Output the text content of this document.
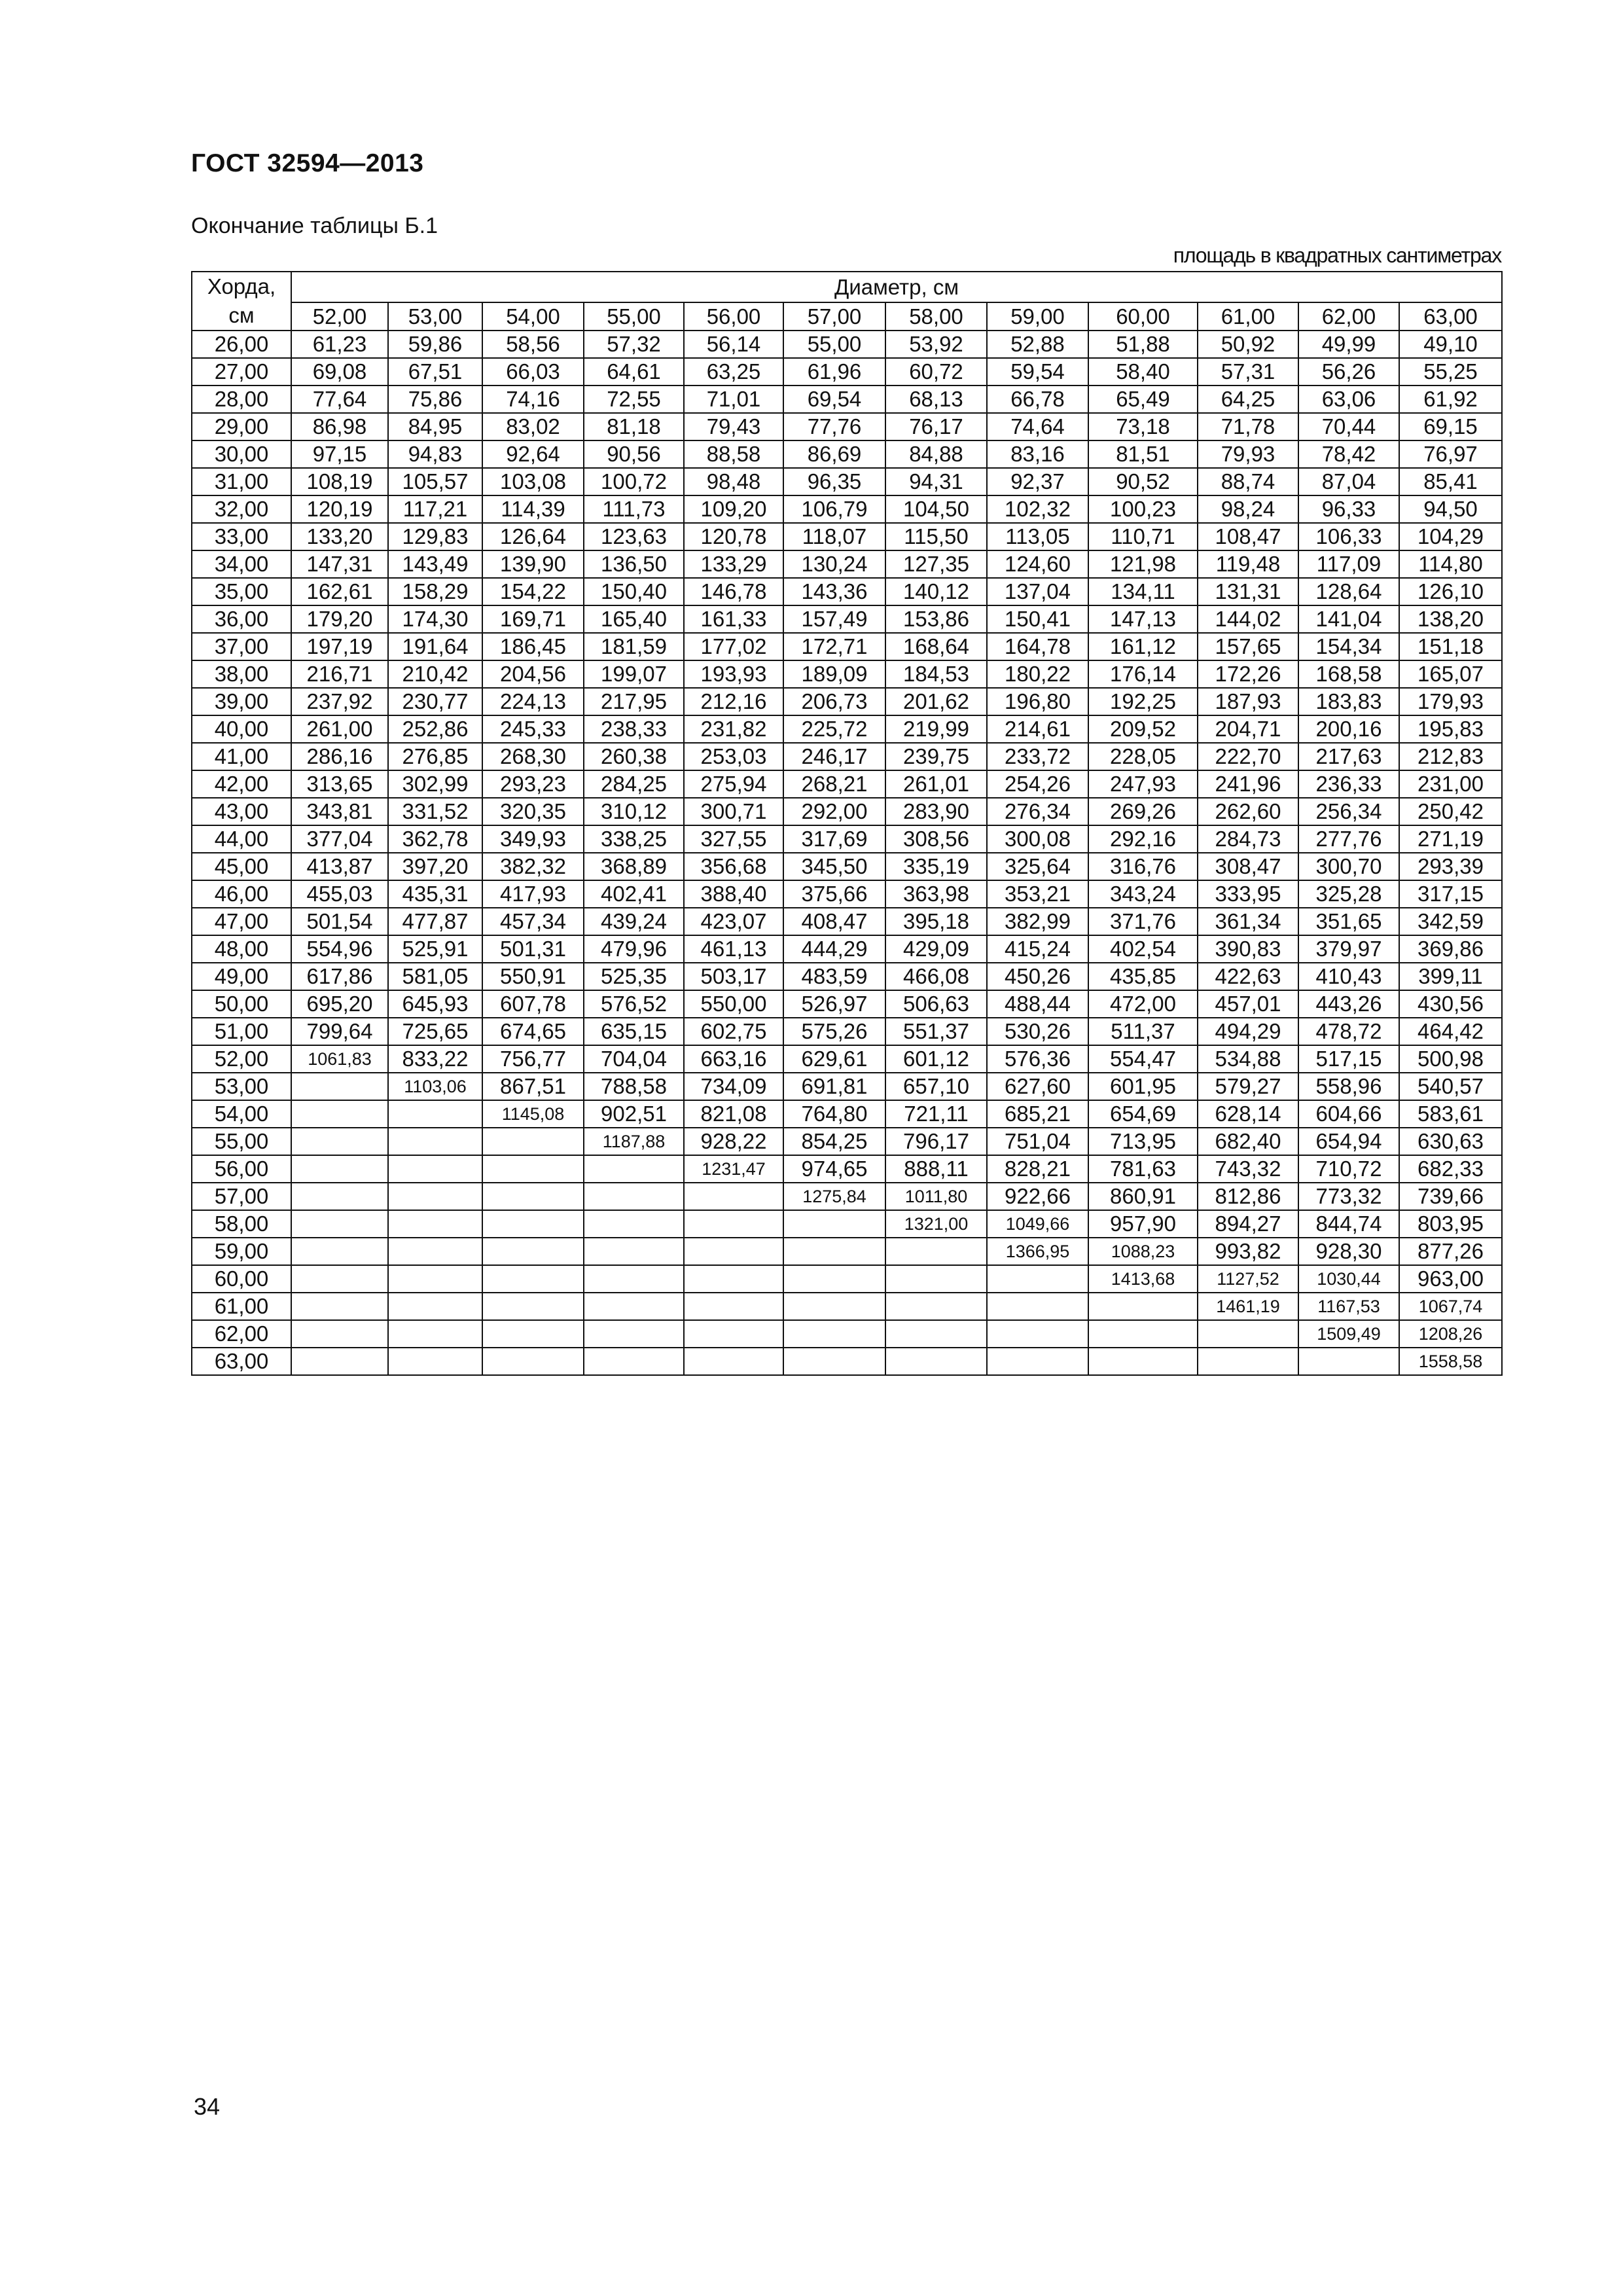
ГОСТ 32594—2013
Окончание таблицы Б.1
площадь в квадратных сантиметрах
Хорда,
см	Диаметр, см											
	52,00	53,00	54,00	55,00	56,00	57,00	58,00	59,00	60,00	61,00	62,00	63,00
26,00	61,23	59,86	58,56	57,32	56,14	55,00	53,92	52,88	51,88	50,92	49,99	49,10
27,00	69,08	67,51	66,03	64,61	63,25	61,96	60,72	59,54	58,40	57,31	56,26	55,25
28,00	77,64	75,86	74,16	72,55	71,01	69,54	68,13	66,78	65,49	64,25	63,06	61,92
29,00	86,98	84,95	83,02	81,18	79,43	77,76	76,17	74,64	73,18	71,78	70,44	69,15
30,00	97,15	94,83	92,64	90,56	88,58	86,69	84,88	83,16	81,51	79,93	78,42	76,97
31,00	108,19	105,57	103,08	100,72	98,48	96,35	94,31	92,37	90,52	88,74	87,04	85,41
32,00	120,19	117,21	114,39	111,73	109,20	106,79	104,50	102,32	100,23	98,24	96,33	94,50
33,00	133,20	129,83	126,64	123,63	120,78	118,07	115,50	113,05	110,71	108,47	106,33	104,29
34,00	147,31	143,49	139,90	136,50	133,29	130,24	127,35	124,60	121,98	119,48	117,09	114,80
35,00	162,61	158,29	154,22	150,40	146,78	143,36	140,12	137,04	134,11	131,31	128,64	126,10
36,00	179,20	174,30	169,71	165,40	161,33	157,49	153,86	150,41	147,13	144,02	141,04	138,20
37,00	197,19	191,64	186,45	181,59	177,02	172,71	168,64	164,78	161,12	157,65	154,34	151,18
38,00	216,71	210,42	204,56	199,07	193,93	189,09	184,53	180,22	176,14	172,26	168,58	165,07
39,00	237,92	230,77	224,13	217,95	212,16	206,73	201,62	196,80	192,25	187,93	183,83	179,93
40,00	261,00	252,86	245,33	238,33	231,82	225,72	219,99	214,61	209,52	204,71	200,16	195,83
41,00	286,16	276,85	268,30	260,38	253,03	246,17	239,75	233,72	228,05	222,70	217,63	212,83
42,00	313,65	302,99	293,23	284,25	275,94	268,21	261,01	254,26	247,93	241,96	236,33	231,00
43,00	343,81	331,52	320,35	310,12	300,71	292,00	283,90	276,34	269,26	262,60	256,34	250,42
44,00	377,04	362,78	349,93	338,25	327,55	317,69	308,56	300,08	292,16	284,73	277,76	271,19
45,00	413,87	397,20	382,32	368,89	356,68	345,50	335,19	325,64	316,76	308,47	300,70	293,39
46,00	455,03	435,31	417,93	402,41	388,40	375,66	363,98	353,21	343,24	333,95	325,28	317,15
47,00	501,54	477,87	457,34	439,24	423,07	408,47	395,18	382,99	371,76	361,34	351,65	342,59
48,00	554,96	525,91	501,31	479,96	461,13	444,29	429,09	415,24	402,54	390,83	379,97	369,86
49,00	617,86	581,05	550,91	525,35	503,17	483,59	466,08	450,26	435,85	422,63	410,43	399,11
50,00	695,20	645,93	607,78	576,52	550,00	526,97	506,63	488,44	472,00	457,01	443,26	430,56
51,00	799,64	725,65	674,65	635,15	602,75	575,26	551,37	530,26	511,37	494,29	478,72	464,42
52,00	1061,83	833,22	756,77	704,04	663,16	629,61	601,12	576,36	554,47	534,88	517,15	500,98
53,00		1103,06	867,51	788,58	734,09	691,81	657,10	627,60	601,95	579,27	558,96	540,57
54,00			1145,08	902,51	821,08	764,80	721,11	685,21	654,69	628,14	604,66	583,61
55,00				1187,88	928,22	854,25	796,17	751,04	713,95	682,40	654,94	630,63
56,00					1231,47	974,65	888,11	828,21	781,63	743,32	710,72	682,33
57,00						1275,84	1011,80	922,66	860,91	812,86	773,32	739,66
58,00							1321,00	1049,66	957,90	894,27	844,74	803,95
59,00								1366,95	1088,23	993,82	928,30	877,26
60,00									1413,68	1127,52	1030,44	963,00
61,00										1461,19	1167,53	1067,74
62,00											1509,49	1208,26
63,00												1558,58
34
